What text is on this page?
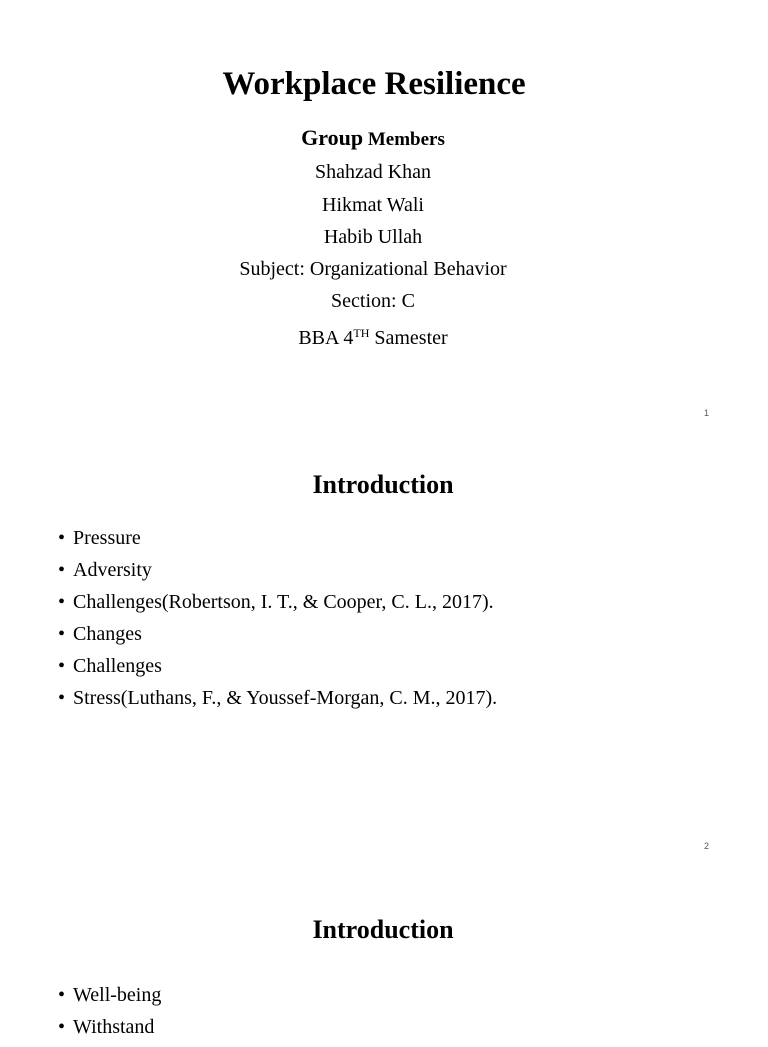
Workplace Resilience
Group Members
Shahzad Khan
Hikmat Wali
Habib Ullah
Subject: Organizational Behavior
Section: C
BBA 4TH Samester
1
Introduction
• Pressure
• Adversity
• Challenges(Robertson, I. T., & Cooper, C. L., 2017).
• Changes
• Challenges
• Stress(Luthans, F., & Youssef-Morgan, C. M., 2017).
2
Introduction
• Well-being
• Withstand
